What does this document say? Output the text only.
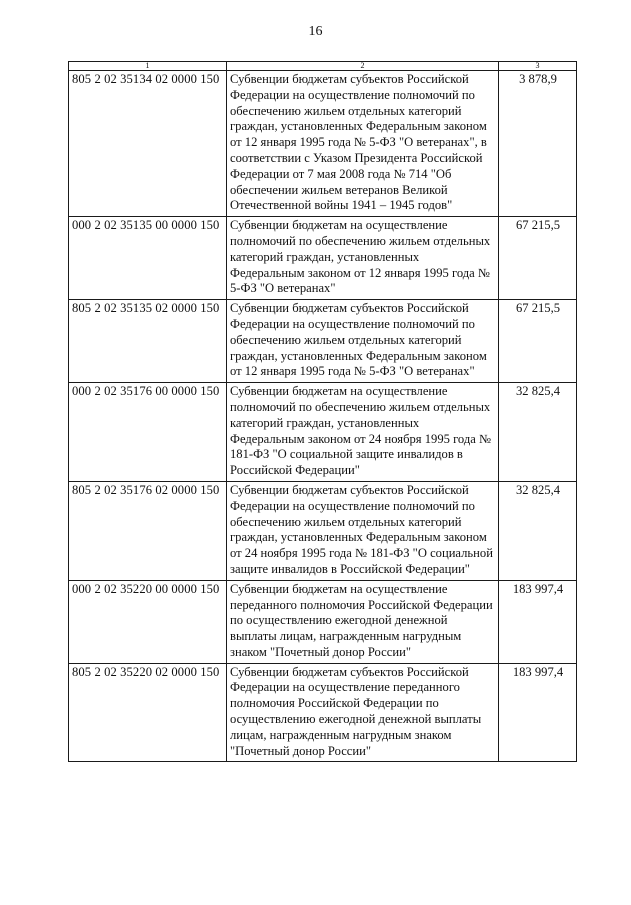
16
1	2	3
805 2 02 35134 02 0000 150	Субвенции бюджетам субъектов Российской Федерации на осуществление полномочий по обеспечению жильем отдельных категорий граждан, установленных Федеральным законом от 12 января 1995 года № 5-ФЗ "О ветеранах", в соответствии с Указом Президента Российской Федерации от 7 мая 2008 года № 714 "Об обеспечении жильем ветеранов Великой Отечественной войны 1941 – 1945 годов"	3 878,9
000 2 02 35135 00 0000 150	Субвенции бюджетам на осуществление полномочий по обеспечению жильем отдельных категорий граждан, установленных Федеральным законом от 12 января 1995 года № 5-ФЗ "О ветеранах"	67 215,5
805 2 02 35135 02 0000 150	Субвенции бюджетам субъектов Российской Федерации на осуществление полномочий по обеспечению жильем отдельных категорий граждан, установленных Федеральным законом от 12 января 1995 года № 5-ФЗ "О ветеранах"	67 215,5
000 2 02 35176 00 0000 150	Субвенции бюджетам на осуществление полномочий по обеспечению жильем отдельных категорий граждан, установленных Федеральным законом от 24 ноября 1995 года № 181-ФЗ "О социальной защите инвалидов в Российской Федерации"	32 825,4
805 2 02 35176 02 0000 150	Субвенции бюджетам субъектов Российской Федерации на осуществление полномочий по обеспечению жильем отдельных категорий граждан, установленных Федеральным законом от 24 ноября 1995 года № 181-ФЗ "О социальной защите инвалидов в Российской Федерации"	32 825,4
000 2 02 35220 00 0000 150	Субвенции бюджетам на осуществление переданного полномочия Российской Федерации по осуществлению ежегодной денежной выплаты лицам, награжденным нагрудным знаком "Почетный донор России"	183 997,4
805 2 02 35220 02 0000 150	Субвенции бюджетам субъектов Российской Федерации на осуществление переданного полномочия Российской Федерации по осуществлению ежегодной денежной выплаты лицам, награжденным нагрудным знаком "Почетный донор России"	183 997,4
